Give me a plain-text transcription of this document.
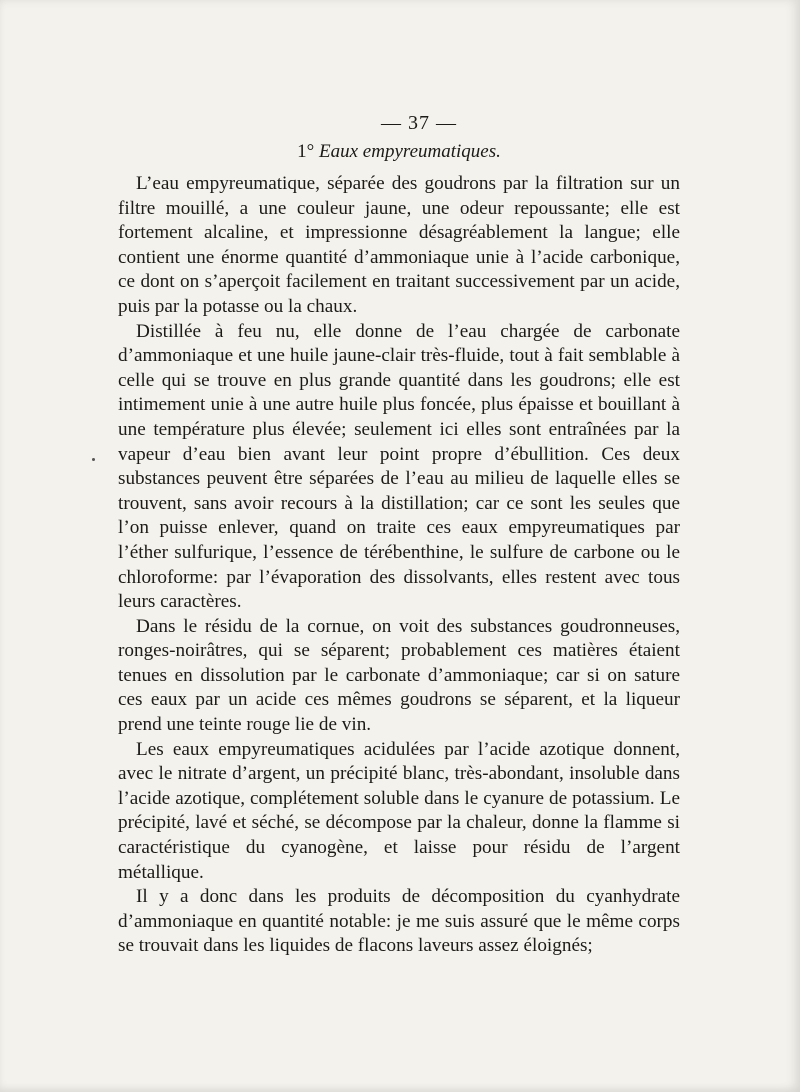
— 37 —
1° Eaux empyreumatiques.

L’eau empyreumatique, séparée des goudrons par la filtration sur un filtre mouillé, a une couleur jaune, une odeur repoussante; elle est fortement alcaline, et impressionne désagréablement la langue; elle contient une énorme quantité d’ammoniaque unie à l’acide carbonique, ce dont on s’aperçoit facilement en traitant successivement par un acide, puis par la potasse ou la chaux.

Distillée à feu nu, elle donne de l’eau chargée de carbonate d’ammoniaque et une huile jaune-clair très-fluide, tout à fait semblable à celle qui se trouve en plus grande quantité dans les goudrons; elle est intimement unie à une autre huile plus foncée, plus épaisse et bouillant à une température plus élevée; seulement ici elles sont entraînées par la vapeur d’eau bien avant leur point propre d’ébullition. Ces deux substances peuvent être séparées de l’eau au milieu de laquelle elles se trouvent, sans avoir recours à la distillation; car ce sont les seules que l’on puisse enlever, quand on traite ces eaux empyreumatiques par l’éther sulfurique, l’essence de térébenthine, le sulfure de carbone ou le chloroforme: par l’évaporation des dissolvants, elles restent avec tous leurs caractères.

Dans le résidu de la cornue, on voit des substances goudronneuses, ronges-noirâtres, qui se séparent; probablement ces matières étaient tenues en dissolution par le carbonate d’ammoniaque; car si on sature ces eaux par un acide ces mêmes goudrons se séparent, et la liqueur prend une teinte rouge lie de vin.

Les eaux empyreumatiques acidulées par l’acide azotique donnent, avec le nitrate d’argent, un précipité blanc, très-abondant, insoluble dans l’acide azotique, complétement soluble dans le cyanure de potassium. Le précipité, lavé et séché, se décompose par la chaleur, donne la flamme si caractéristique du cyanogène, et laisse pour résidu de l’argent métallique.

Il y a donc dans les produits de décomposition du cyanhydrate d’ammoniaque en quantité notable: je me suis assuré que le même corps se trouvait dans les liquides de flacons laveurs assez éloignés;
